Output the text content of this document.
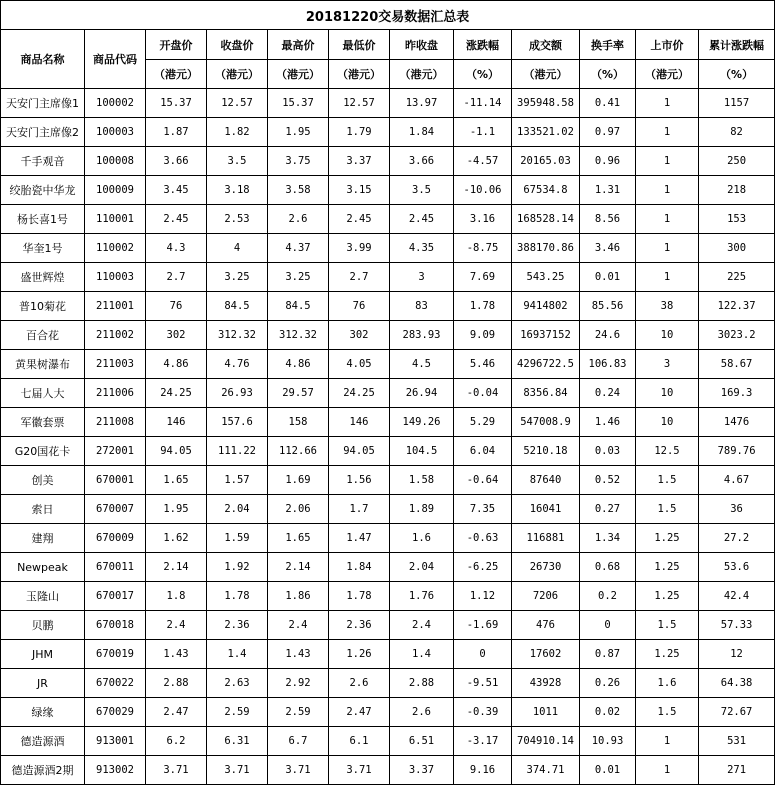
20181220交易数据汇总表											
商品名称	商品代码	开盘价	收盘价	最高价	最低价	昨收盘	涨跌幅	成交额	换手率	上市价	累计涨跌幅
		（港元）	（港元）	（港元）	（港元）	（港元）	（%）	（港元）	（%）	（港元）	（%）
天安门主席像1	100002	15.37	12.57	15.37	12.57	13.97	-11.14	395948.58	0.41	1	1157
天安门主席像2	100003	1.87	1.82	1.95	1.79	1.84	-1.1	133521.02	0.97	1	82
千手观音	100008	3.66	3.5	3.75	3.37	3.66	-4.57	20165.03	0.96	1	250
绞胎瓷中华龙	100009	3.45	3.18	3.58	3.15	3.5	-10.06	67534.8	1.31	1	218
杨长喜1号	110001	2.45	2.53	2.6	2.45	2.45	3.16	168528.14	8.56	1	153
华奎1号	110002	4.3	4	4.37	3.99	4.35	-8.75	388170.86	3.46	1	300
盛世辉煌	110003	2.7	3.25	3.25	2.7	3	7.69	543.25	0.01	1	225
普10菊花	211001	76	84.5	84.5	76	83	1.78	9414802	85.56	38	122.37
百合花	211002	302	312.32	312.32	302	283.93	9.09	16937152	24.6	10	3023.2
黄果树瀑布	211003	4.86	4.76	4.86	4.05	4.5	5.46	4296722.5	106.83	3	58.67
七届人大	211006	24.25	26.93	29.57	24.25	26.94	-0.04	8356.84	0.24	10	169.3
军徽套票	211008	146	157.6	158	146	149.26	5.29	547008.9	1.46	10	1476
G20国花卡	272001	94.05	111.22	112.66	94.05	104.5	6.04	5210.18	0.03	12.5	789.76
创美	670001	1.65	1.57	1.69	1.56	1.58	-0.64	87640	0.52	1.5	4.67
索日	670007	1.95	2.04	2.06	1.7	1.89	7.35	16041	0.27	1.5	36
建翔	670009	1.62	1.59	1.65	1.47	1.6	-0.63	116881	1.34	1.25	27.2
Newpeak	670011	2.14	1.92	2.14	1.84	2.04	-6.25	26730	0.68	1.25	53.6
玉隆山	670017	1.8	1.78	1.86	1.78	1.76	1.12	7206	0.2	1.25	42.4
贝鹏	670018	2.4	2.36	2.4	2.36	2.4	-1.69	476	0	1.5	57.33
JHM	670019	1.43	1.4	1.43	1.26	1.4	0	17602	0.87	1.25	12
JR	670022	2.88	2.63	2.92	2.6	2.88	-9.51	43928	0.26	1.6	64.38
绿缘	670029	2.47	2.59	2.59	2.47	2.6	-0.39	1011	0.02	1.5	72.67
德造源酒	913001	6.2	6.31	6.7	6.1	6.51	-3.17	704910.14	10.93	1	531
德造源酒2期	913002	3.71	3.71	3.71	3.71	3.37	9.16	374.71	0.01	1	271
